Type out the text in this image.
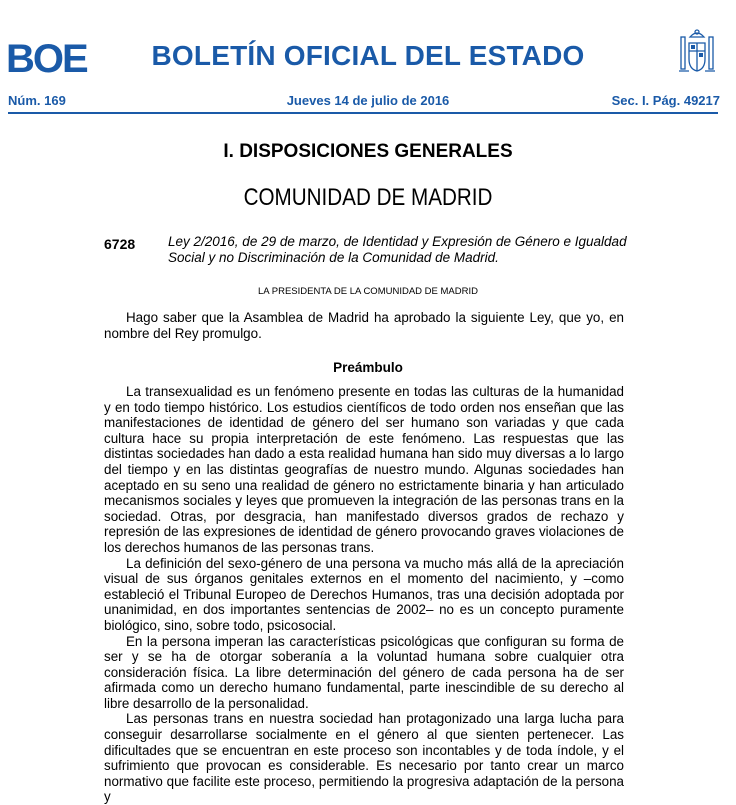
BOE	BOLETÍN OFICIAL DEL ESTADO
Núm. 169	Jueves 14 de julio de 2016	Sec. I. Pág. 49217
I. DISPOSICIONES GENERALES
COMUNIDAD DE MADRID
6728 Ley 2/2016, de 29 de marzo, de Identidad y Expresión de Género e Igualdad Social y no Discriminación de la Comunidad de Madrid.
LA PRESIDENTA DE LA COMUNIDAD DE MADRID

Hago saber que la Asamblea de Madrid ha aprobado la siguiente Ley, que yo, en nombre del Rey promulgo.

Preámbulo

La transexualidad es un fenómeno presente en todas las culturas de la humanidad y en todo tiempo histórico. Los estudios científicos de todo orden nos enseñan que las manifestaciones de identidad de género del ser humano son variadas y que cada cultura hace su propia interpretación de este fenómeno. Las respuestas que las distintas sociedades han dado a esta realidad humana han sido muy diversas a lo largo del tiempo y en las distintas geografías de nuestro mundo. Algunas sociedades han aceptado en su seno una realidad de género no estrictamente binaria y han articulado mecanismos sociales y leyes que promueven la integración de las personas trans en la sociedad. Otras, por desgracia, han manifestado diversos grados de rechazo y represión de las expresiones de identidad de género provocando graves violaciones de los derechos humanos de las personas trans.

La definición del sexo-género de una persona va mucho más allá de la apreciación visual de sus órganos genitales externos en el momento del nacimiento, y –como estableció el Tribunal Europeo de Derechos Humanos, tras una decisión adoptada por unanimidad, en dos importantes sentencias de 2002– no es un concepto puramente biológico, sino, sobre todo, psicosocial.

En la persona imperan las características psicológicas que configuran su forma de ser y se ha de otorgar soberanía a la voluntad humana sobre cualquier otra consideración física. La libre determinación del género de cada persona ha de ser afirmada como un derecho humano fundamental, parte inescindible de su derecho al libre desarrollo de la personalidad.

Las personas trans en nuestra sociedad han protagonizado una larga lucha para conseguir desarrollarse socialmente en el género al que sienten pertenecer. Las dificultades que se encuentran en este proceso son incontables y de toda índole, y el sufrimiento que provocan es considerable. Es necesario por tanto crear un marco normativo que facilite este proceso, permitiendo la progresiva adaptación de la persona y
